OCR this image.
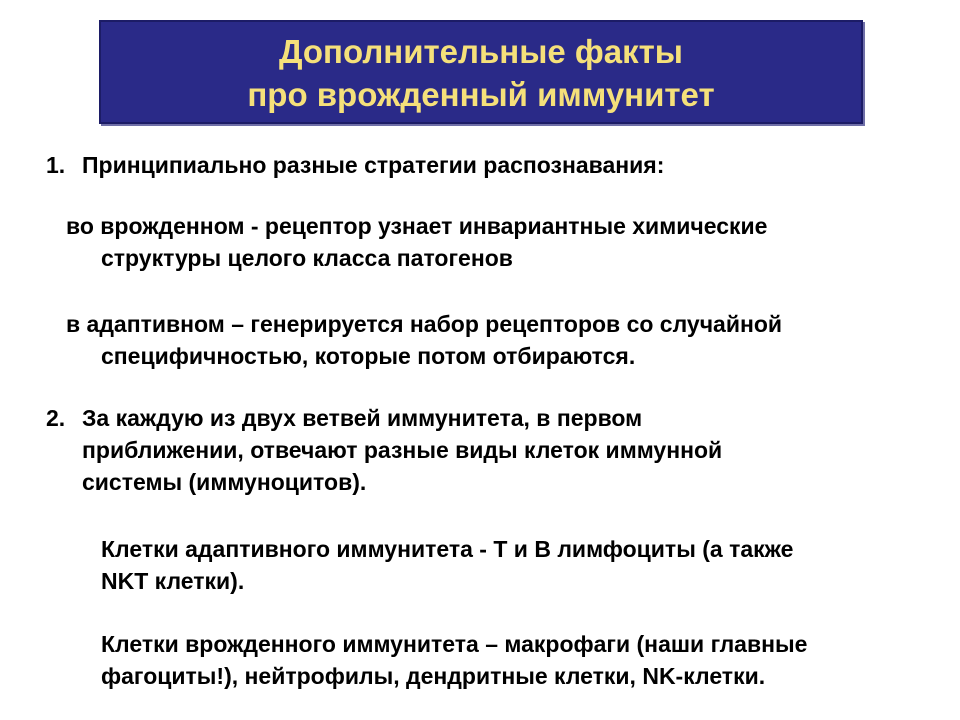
Дополнительные факты
про врожденный иммунитет
1. Принципиально разные стратегии распознавания:
во врожденном - рецептор узнает инвариантные химические
структуры целого класса патогенов
в адаптивном – генерируется набор рецепторов со случайной
специфичностью, которые потом отбираются.
2. За каждую из двух ветвей иммунитета, в первом
приближении, отвечают разные виды клеток иммунной
системы (иммуноцитов).
Клетки адаптивного иммунитета - Т и В лимфоциты (а также
NKT клетки).
Клетки врожденного иммунитета – макрофаги (наши главные
фагоциты!), нейтрофилы, дендритные клетки, NK-клетки.
